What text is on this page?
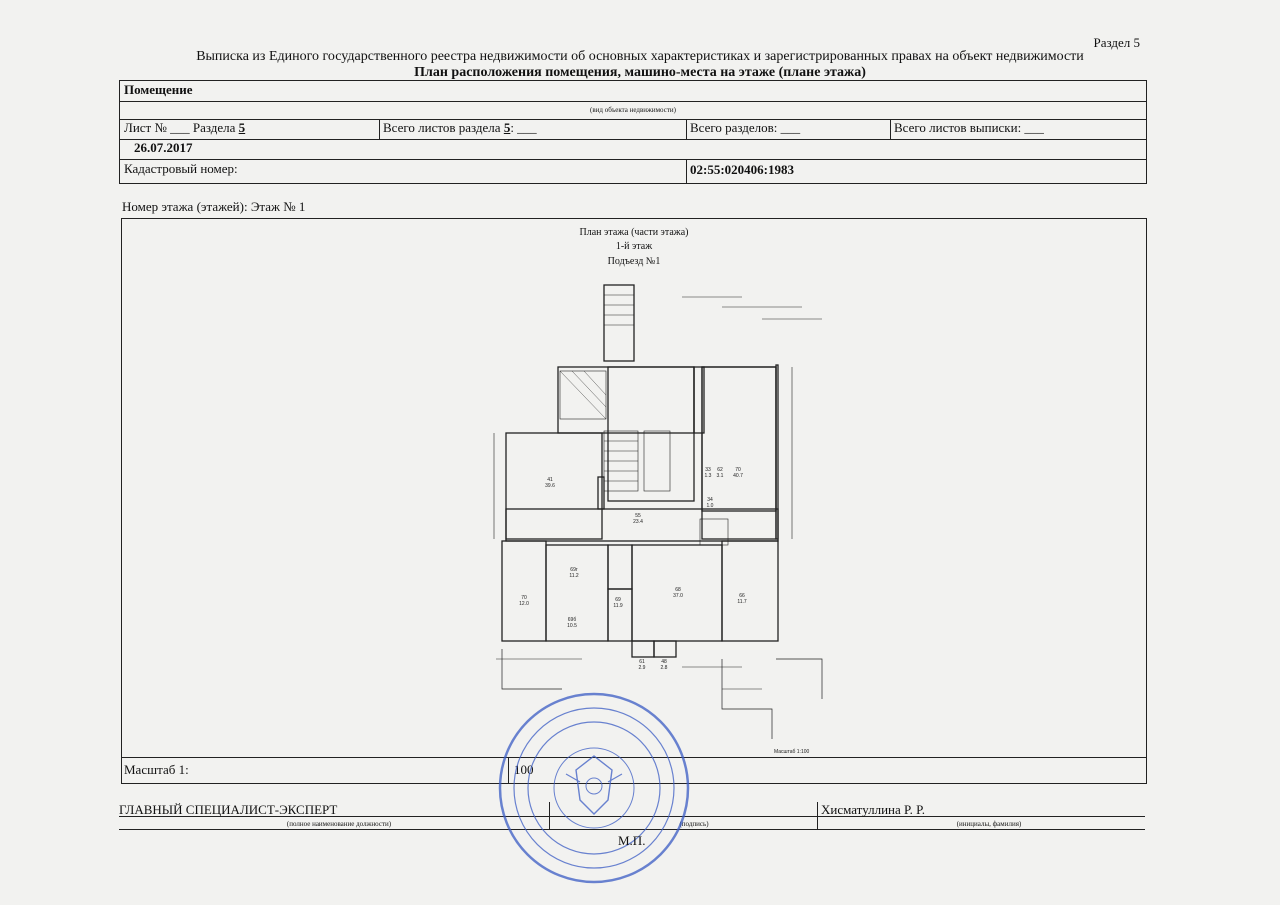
Раздел 5
Выписка из Единого государственного реестра недвижимости об основных характеристиках и зарегистрированных правах на объект недвижимости
План расположения помещения, машино-места на этаже (плане этажа)
Помещение
(вид объекта недвижимости)
Лист № ___ Раздела 5	Всего листов раздела 5: ___	Всего разделов: ___	Всего листов выписки: ___
26.07.2017
Кадастровый номер:	02:55:020406:1983
Номер этажа (этажей): Этаж № 1
План этажа (части этажа)
1-й этаж
Подъезд №1
41
39.6
55
23.4
70
40.7
33
1.3
62
3.1
34
1.0
69
11.9
68
37.0
69б
10.5
69г
11.2
70
12.0
66
11.7
61
2.9
48
2.8
Масштаб 1:100
Масштаб 1:	100
ГЛАВНЫЙ СПЕЦИАЛИСТ-ЭКСПЕРТ
(полное наименование должности)	(подпись)
Хисматуллина Р. Р.
(инициалы, фамилия)
М.П.
